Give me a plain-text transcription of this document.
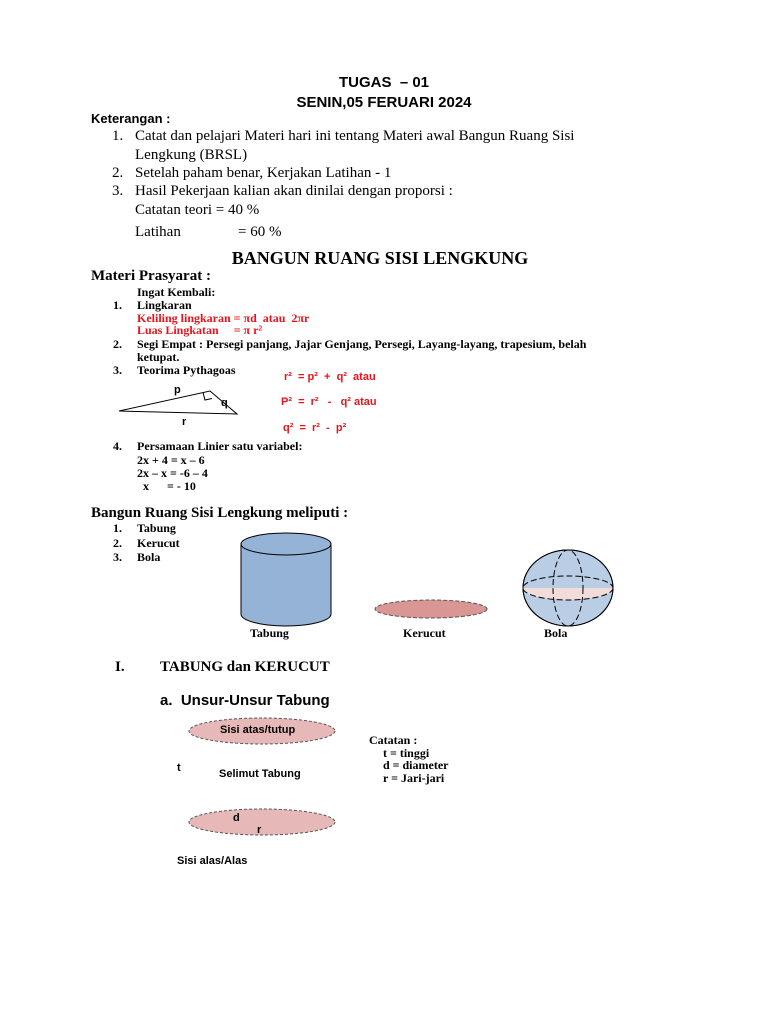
TUGAS  – 01
SENIN,05 FERUARI 2024
Keterangan :
1. Catat dan pelajari Materi hari ini tentang Materi awal Bangun Ruang Sisi
Lengkung (BRSL)
2. Setelah paham benar, Kerjakan Latihan - 1
3. Hasil Pekerjaan kalian akan dinilai dengan proporsi :
Catatan teori = 40 %
Latihan	= 60 %
BANGUN RUANG SISI LENGKUNG
Materi Prasyarat :
Ingat Kembali:
1. Lingkaran
Keliling lingkaran = πd  atau  2πr
Luas Lingkatan     = π r²
2. Segi Empat : Persegi panjang, Jajar Genjang, Persegi, Layang-layang, trapesium, belah
ketupat.
3. Teorima Pythagoas
p
q
r
r²  = p²  +  q²  atau
P²  =  r²   -   q² atau
q²  =  r²  -  p²
4. Persamaan Linier satu variabel:
2x + 4 = x – 6
2x – x = -6 – 4
x      = - 10
Bangun Ruang Sisi Lengkung meliputi :
1. Tabung
2. Kerucut
3. Bola
Tabung	Kerucut	Bola
I. TABUNG dan KERUCUT
a.  Unsur-Unsur Tabung
Sisi atas/tutup
t	Selimut Tabung
d
r
Sisi alas/Alas
Catatan :
t = tinggi
d = diameter
r = Jari-jari
